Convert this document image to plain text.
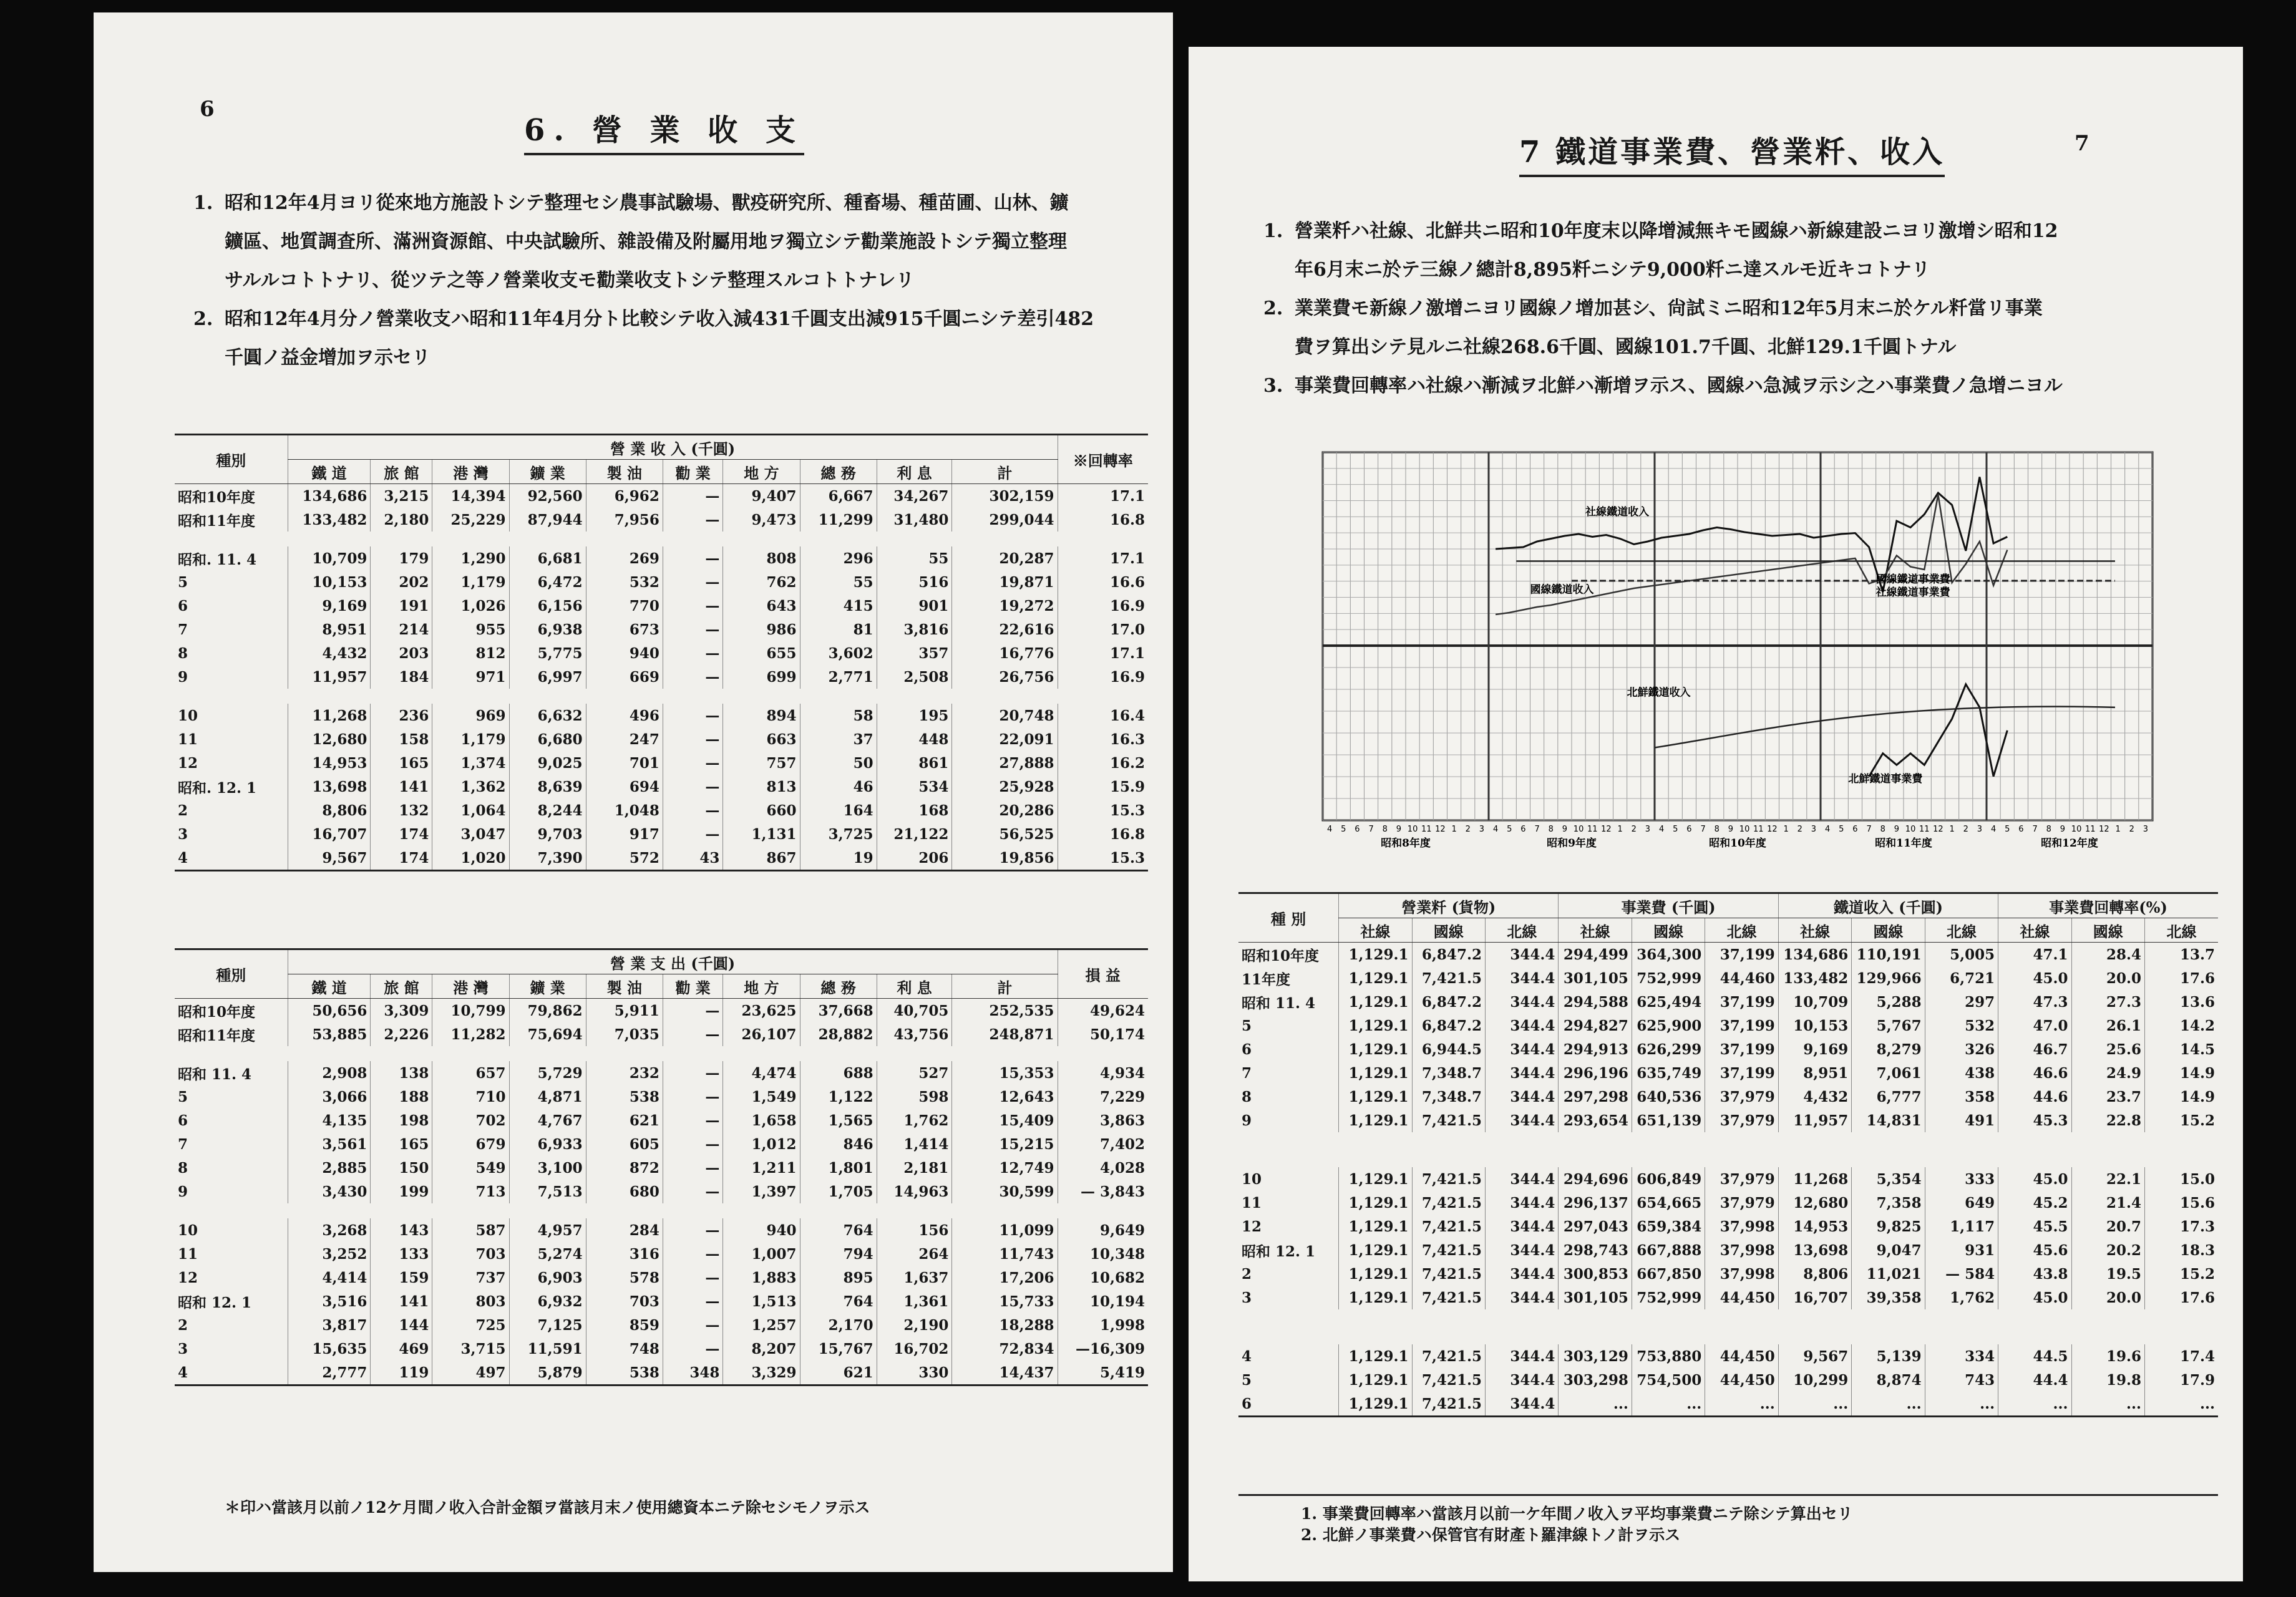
6
6. 營 業 收 支
1. 昭和12年4月ヨリ從來地方施設トシテ整理セシ農事試驗場、獸疫硏究所、種畜場、種苗圃、山林、鑛
鑛區、地質調査所、滿洲資源館、中央試驗所、雜設備及附屬用地ヲ獨立シテ勸業施設トシテ獨立整理
サルルコトトナリ、從ツテ之等ノ營業收支モ勸業收支トシテ整理スルコトトナレリ
2. 昭和12年4月分ノ營業收支ハ昭和11年4月分ト比較シテ收入減431千圓支出減915千圓ニシテ差引482
千圓ノ益金增加ヲ示セリ
種別	營 業 收 入 (千圓)										※回轉率
	鐵 道	旅 館	港 灣	鑛 業	製 油	勸 業	地 方	總 務	利 息	計	
昭和10年度	134,686	3,215	14,394	92,560	6,962	—	9,407	6,667	34,267	302,159	17.1
昭和11年度	133,482	2,180	25,229	87,944	7,956	—	9,473	11,299	31,480	299,044	16.8

昭和. 11. 4	10,709	179	1,290	6,681	269	—	808	296	55	20,287	17.1
5	10,153	202	1,179	6,472	532	—	762	55	516	19,871	16.6
6	9,169	191	1,026	6,156	770	—	643	415	901	19,272	16.9
7	8,951	214	955	6,938	673	—	986	81	3,816	22,616	17.0
8	4,432	203	812	5,775	940	—	655	3,602	357	16,776	17.1
9	11,957	184	971	6,997	669	—	699	2,771	2,508	26,756	16.9

10	11,268	236	969	6,632	496	—	894	58	195	20,748	16.4
11	12,680	158	1,179	6,680	247	—	663	37	448	22,091	16.3
12	14,953	165	1,374	9,025	701	—	757	50	861	27,888	16.2
昭和. 12. 1	13,698	141	1,362	8,639	694	—	813	46	534	25,928	15.9
2	8,806	132	1,064	8,244	1,048	—	660	164	168	20,286	15.3
3	16,707	174	3,047	9,703	917	—	1,131	3,725	21,122	56,525	16.8
4	9,567	174	1,020	7,390	572	43	867	19	206	19,856	15.3
種別	營 業 支 出 (千圓)										損 益
	鐵 道	旅 館	港 灣	鑛 業	製 油	勸 業	地 方	總 務	利 息	計	
昭和10年度	50,656	3,309	10,799	79,862	5,911	—	23,625	37,668	40,705	252,535	49,624
昭和11年度	53,885	2,226	11,282	75,694	7,035	—	26,107	28,882	43,756	248,871	50,174

昭和 11. 4	2,908	138	657	5,729	232	—	4,474	688	527	15,353	4,934
5	3,066	188	710	4,871	538	—	1,549	1,122	598	12,643	7,229
6	4,135	198	702	4,767	621	—	1,658	1,565	1,762	15,409	3,863
7	3,561	165	679	6,933	605	—	1,012	846	1,414	15,215	7,402
8	2,885	150	549	3,100	872	—	1,211	1,801	2,181	12,749	4,028
9	3,430	199	713	7,513	680	—	1,397	1,705	14,963	30,599	— 3,843

10	3,268	143	587	4,957	284	—	940	764	156	11,099	9,649
11	3,252	133	703	5,274	316	—	1,007	794	264	11,743	10,348
12	4,414	159	737	6,903	578	—	1,883	895	1,637	17,206	10,682
昭和 12. 1	3,516	141	803	6,932	703	—	1,513	764	1,361	15,733	10,194
2	3,817	144	725	7,125	859	—	1,257	2,170	2,190	18,288	1,998
3	15,635	469	3,715	11,591	748	—	8,207	15,767	16,702	72,834	—16,309
4	2,777	119	497	5,879	538	348	3,329	621	330	14,437	5,419
＊印ハ當該月以前ノ12ケ月間ノ收入合計金額ヲ當該月末ノ使用總資本ニテ除セシモノヲ示ス
7
7 鐵道事業費、營業粁、收入
1. 營業粁ハ社線、北鮮共ニ昭和10年度末以降增減無キモ國線ハ新線建設ニヨリ激增シ昭和12
年6月末ニ於テ三線ノ總計8,895粁ニシテ9,000粁ニ達スルモ近キコトナリ
2. 業業費モ新線ノ激增ニヨリ國線ノ增加甚シ、尙試ミニ昭和12年5月末ニ於ケル粁當リ事業
費ヲ算出シテ見ルニ社線268.6千圓、國線101.7千圓、北鮮129.1千圓トナル
3. 事業費回轉率ハ社線ハ漸減ヲ北鮮ハ漸增ヲ示ス、國線ハ急減ヲ示シ之ハ事業費ノ急增ニヨル
4 5 6 7 8 9 10 11 12 1 2 3 4 5 6 7 8 9 10 11 12 1 2 3 4 5 6 7 8 9 10 11 12 1 2 3 4 5 6 7 8 9 10 11 12 1 2 3 4 5 6 7 8 9 10 11 12 1 2 3
昭和8年度	昭和9年度	昭和10年度	昭和11年度	昭和12年度
社線鐵道收入
國線鐵道事業費
國線鐵道收入	社線鐵道事業費
北鮮鐵道收入
北鮮鐵道事業費
種 別	營業粁 (貨物)			事業費 (千圓)			鐵道收入 (千圓)			事業費回轉率(%)		
	社線	國線	北線	社線	國線	北線	社線	國線	北線	社線	國線	北線
昭和10年度	1,129.1	6,847.2	344.4	294,499	364,300	37,199	134,686	110,191	5,005	47.1	28.4	13.7
11年度	1,129.1	7,421.5	344.4	301,105	752,999	44,460	133,482	129,966	6,721	45.0	20.0	17.6
昭和 11. 4	1,129.1	6,847.2	344.4	294,588	625,494	37,199	10,709	5,288	297	47.3	27.3	13.6
5	1,129.1	6,847.2	344.4	294,827	625,900	37,199	10,153	5,767	532	47.0	26.1	14.2
6	1,129.1	6,944.5	344.4	294,913	626,299	37,199	9,169	8,279	326	46.7	25.6	14.5
7	1,129.1	7,348.7	344.4	296,196	635,749	37,199	8,951	7,061	438	46.6	24.9	14.9
8	1,129.1	7,348.7	344.4	297,298	640,536	37,979	4,432	6,777	358	44.6	23.7	14.9
9	1,129.1	7,421.5	344.4	293,654	651,139	37,979	11,957	14,831	491	45.3	22.8	15.2

10	1,129.1	7,421.5	344.4	294,696	606,849	37,979	11,268	5,354	333	45.0	22.1	15.0
11	1,129.1	7,421.5	344.4	296,137	654,665	37,979	12,680	7,358	649	45.2	21.4	15.6
12	1,129.1	7,421.5	344.4	297,043	659,384	37,998	14,953	9,825	1,117	45.5	20.7	17.3
昭和 12. 1	1,129.1	7,421.5	344.4	298,743	667,888	37,998	13,698	9,047	931	45.6	20.2	18.3
2	1,129.1	7,421.5	344.4	300,853	667,850	37,998	8,806	11,021	— 584	43.8	19.5	15.2
3	1,129.1	7,421.5	344.4	301,105	752,999	44,450	16,707	39,358	1,762	45.0	20.0	17.6

4	1,129.1	7,421.5	344.4	303,129	753,880	44,450	9,567	5,139	334	44.5	19.6	17.4
5	1,129.1	7,421.5	344.4	303,298	754,500	44,450	10,299	8,874	743	44.4	19.8	17.9
6	1,129.1	7,421.5	344.4	...	...	...	...	...	...	...	...	...
1. 事業費回轉率ハ當該月以前一ケ年間ノ收入ヲ平均事業費ニテ除シテ算出セリ
2. 北鮮ノ事業費ハ保管官有財產ト羅津線トノ計ヲ示ス
